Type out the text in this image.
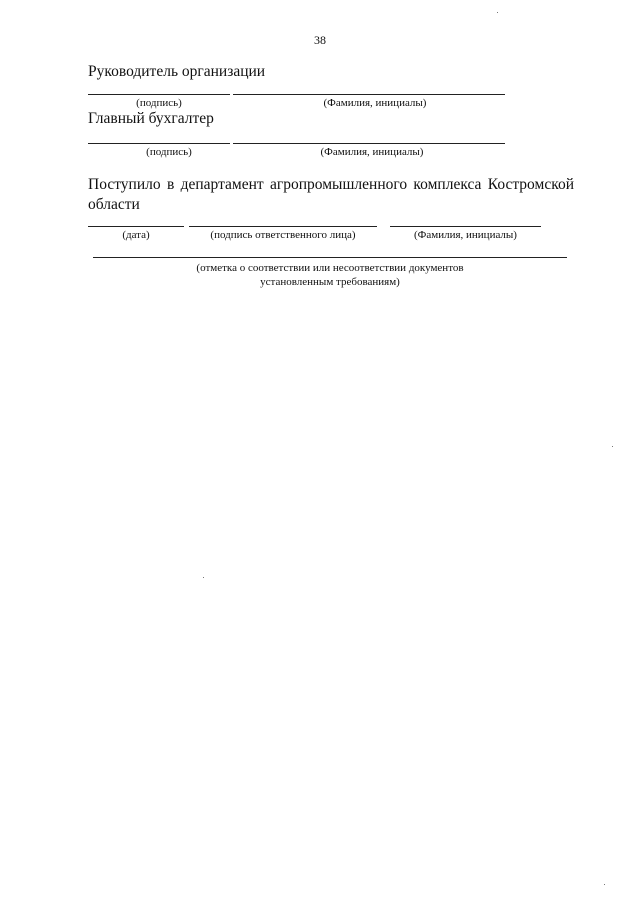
38
Руководитель организации
(подпись)	(Фамилия, инициалы)
Главный бухгалтер
(подпись)	(Фамилия, инициалы)
Поступило в департамент агропромышленного комплекса Костромской области
(дата)	(подпись ответственного лица)	(Фамилия, инициалы)
(отметка о соответствии или несоответствии документов установленным требованиям)
